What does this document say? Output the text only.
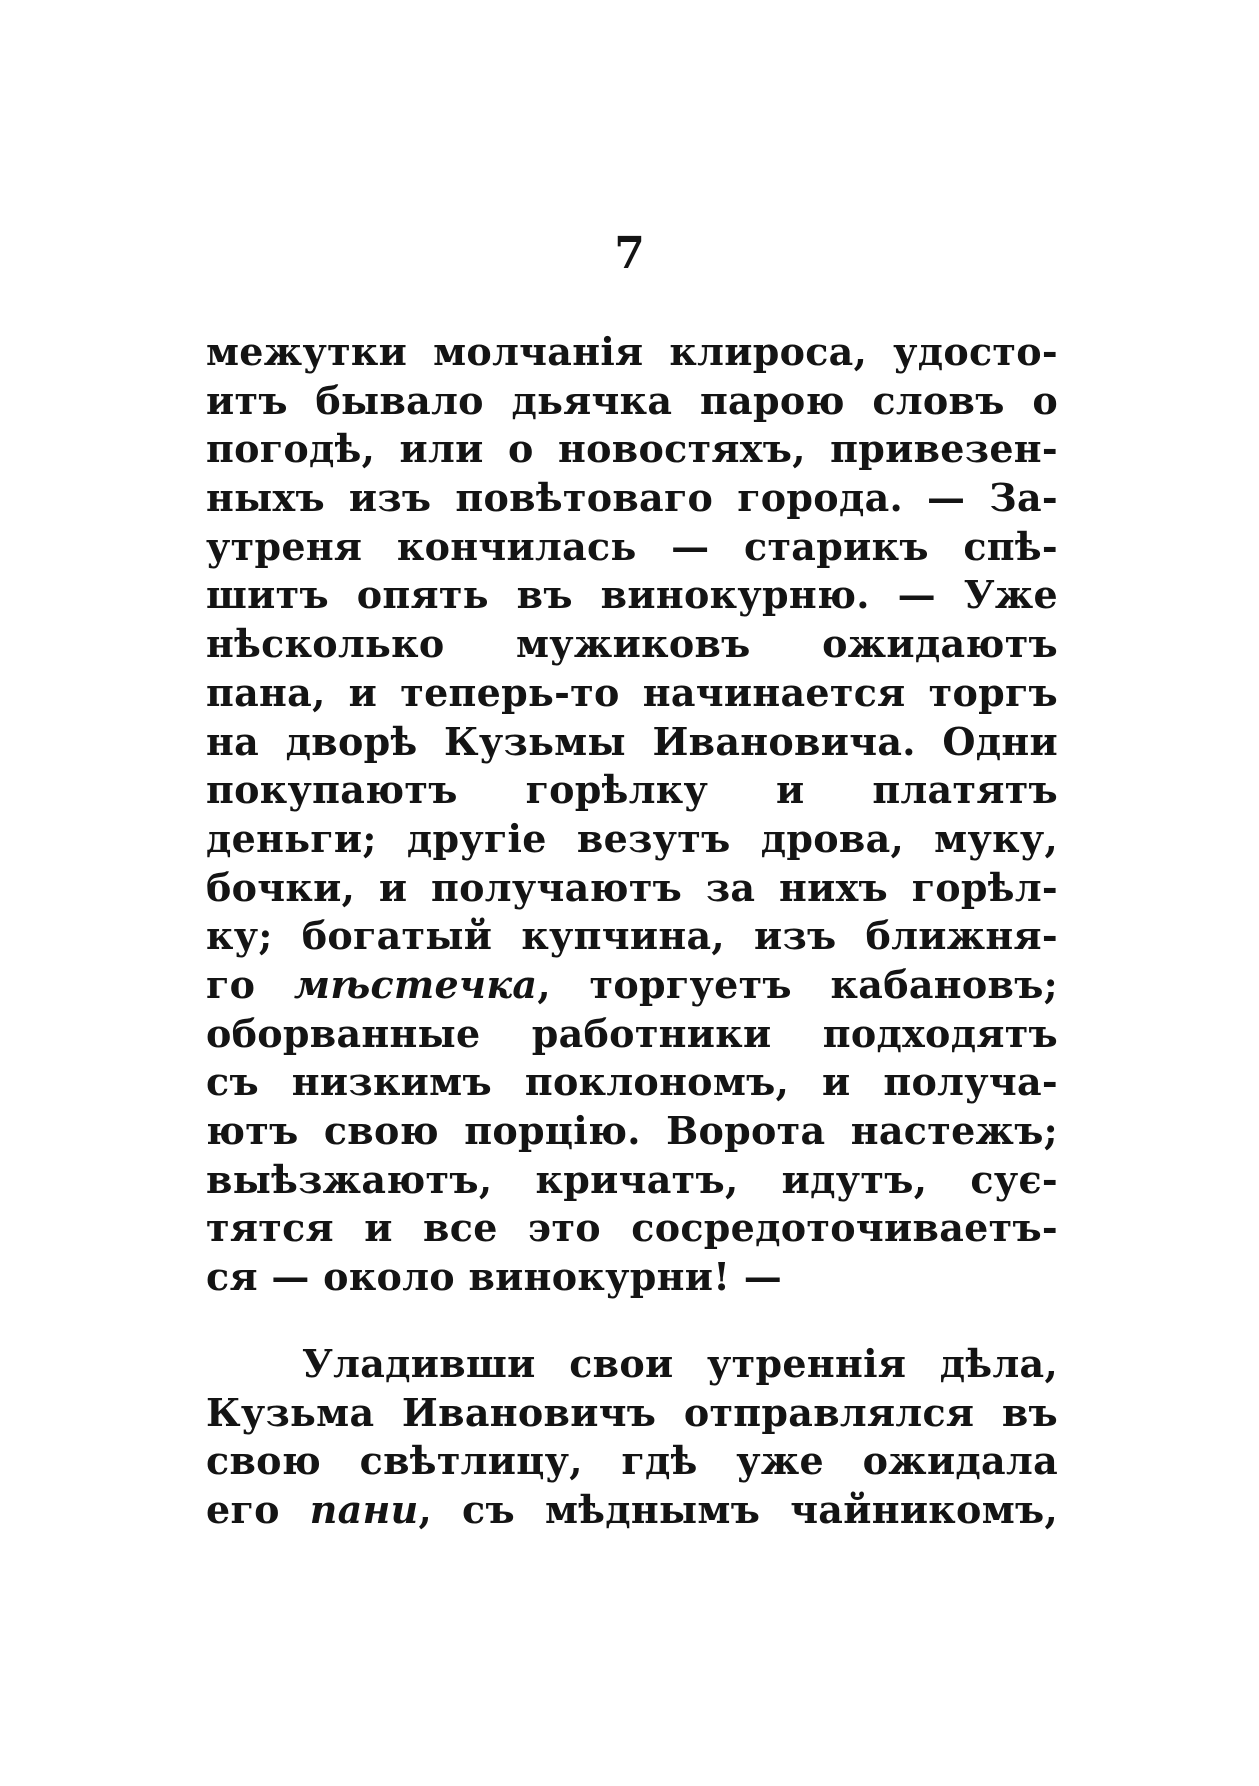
7
межутки молчанія клироса, удостo-
итъ бывало дьячка парою словъ о
погодѣ, или о новостяхъ, привезен-
ныхъ изъ повѣтоваго города. — За-
утреня кончилась — старикъ спѣ-
шитъ опять въ винокурню. — Уже
нѣсколько мужиковъ ожидаютъ
пана, и теперь-то начинается торгъ
на дворѣ Кузьмы Ивановича. Одни
покупаютъ горѣлку и платятъ
деньги; другіе везутъ дрова, муку,
бочки, и получаютъ за нихъ горѣл-
ку; богатый купчина, изъ ближня-
го мѣстечка, торгуетъ кабановъ;
оборванные работники подходятъ
съ низкимъ поклономъ, и получа-
ютъ свою порцію. Ворота настежъ;
выѣзжаютъ, кричатъ, идутъ, сує-
тятся и все это сосредоточиваетъ-
ся — около винокурни! —
Уладивши свои утреннія дѣла,
Кузьма Ивановичъ отправлялся въ
свою свѣтлицу, гдѣ уже ожидала
его пани, съ мѣднымъ чайникомъ,
